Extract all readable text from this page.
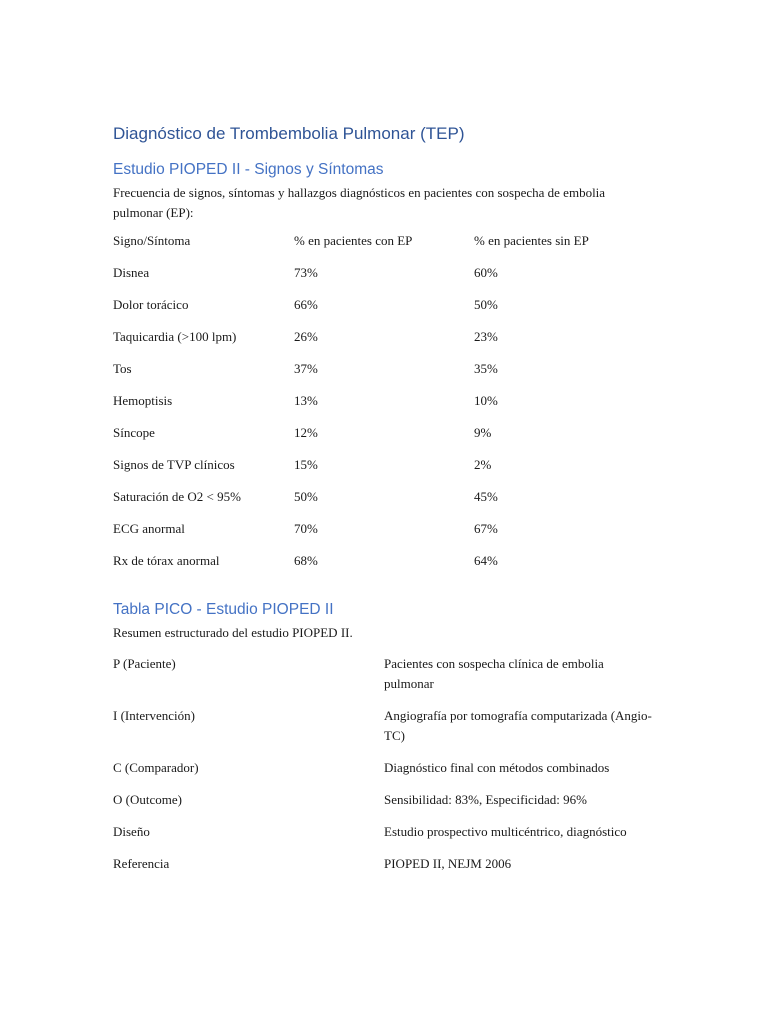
Diagnóstico de Trombembolia Pulmonar (TEP)
Estudio PIOPED II - Signos y Síntomas

Frecuencia de signos, síntomas y hallazgos diagnósticos en pacientes con sospecha de embolia pulmonar (EP):

Signo/Síntoma	% en pacientes con EP	% en pacientes sin EP
Disnea	73%	60%
Dolor torácico	66%	50%
Taquicardia (>100 lpm)	26%	23%
Tos	37%	35%
Hemoptisis	13%	10%
Síncope	12%	9%
Signos de TVP clínicos	15%	2%
Saturación de O2 < 95%	50%	45%
ECG anormal	70%	67%
Rx de tórax anormal	68%	64%
Tabla PICO - Estudio PIOPED II

Resumen estructurado del estudio PIOPED II.

P (Paciente)	Pacientes con sospecha clínica de embolia pulmonar
I (Intervención)	Angiografía por tomografía computarizada (Angio-TC)
C (Comparador)	Diagnóstico final con métodos combinados
O (Outcome)	Sensibilidad: 83%, Especificidad: 96%
Diseño	Estudio prospectivo multicéntrico, diagnóstico
Referencia	PIOPED II, NEJM 2006
